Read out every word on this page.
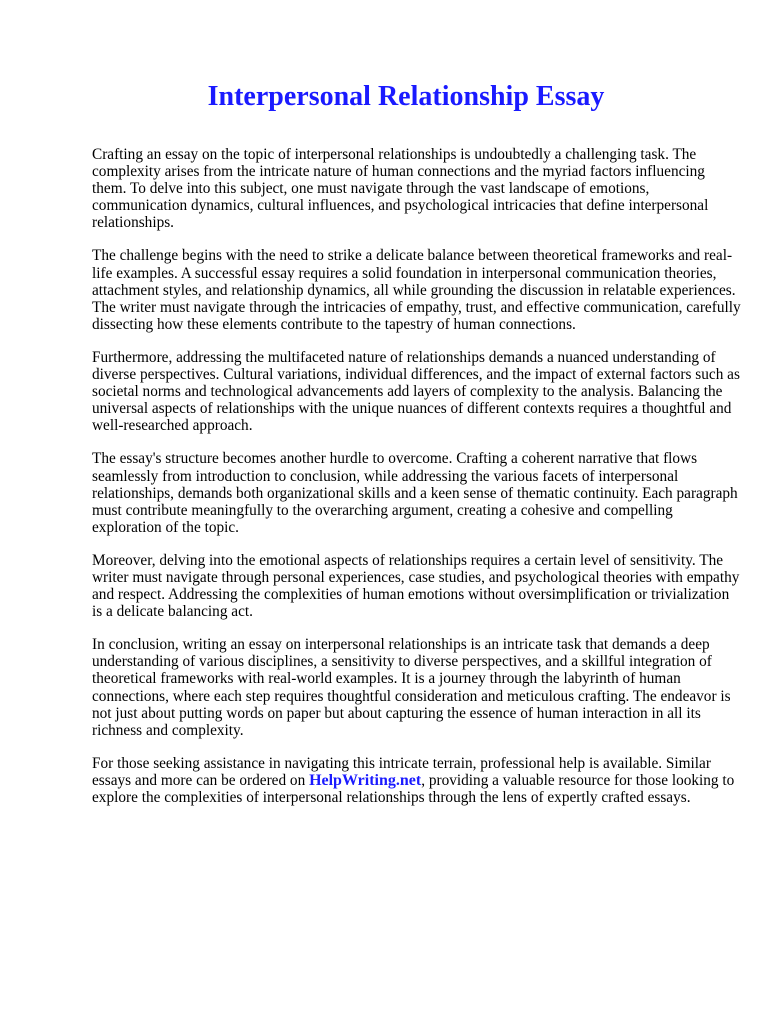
Interpersonal Relationship Essay

Crafting an essay on the topic of interpersonal relationships is undoubtedly a challenging task. The complexity arises from the intricate nature of human connections and the myriad factors influencing them. To delve into this subject, one must navigate through the vast landscape of emotions, communication dynamics, cultural influences, and psychological intricacies that define interpersonal relationships.

The challenge begins with the need to strike a delicate balance between theoretical frameworks and real-life examples. A successful essay requires a solid foundation in interpersonal communication theories, attachment styles, and relationship dynamics, all while grounding the discussion in relatable experiences. The writer must navigate through the intricacies of empathy, trust, and effective communication, carefully dissecting how these elements contribute to the tapestry of human connections.

Furthermore, addressing the multifaceted nature of relationships demands a nuanced understanding of diverse perspectives. Cultural variations, individual differences, and the impact of external factors such as societal norms and technological advancements add layers of complexity to the analysis. Balancing the universal aspects of relationships with the unique nuances of different contexts requires a thoughtful and well-researched approach.

The essay's structure becomes another hurdle to overcome. Crafting a coherent narrative that flows seamlessly from introduction to conclusion, while addressing the various facets of interpersonal relationships, demands both organizational skills and a keen sense of thematic continuity. Each paragraph must contribute meaningfully to the overarching argument, creating a cohesive and compelling exploration of the topic.

Moreover, delving into the emotional aspects of relationships requires a certain level of sensitivity. The writer must navigate through personal experiences, case studies, and psychological theories with empathy and respect. Addressing the complexities of human emotions without oversimplification or trivialization is a delicate balancing act.

In conclusion, writing an essay on interpersonal relationships is an intricate task that demands a deep understanding of various disciplines, a sensitivity to diverse perspectives, and a skillful integration of theoretical frameworks with real-world examples. It is a journey through the labyrinth of human connections, where each step requires thoughtful consideration and meticulous crafting. The endeavor is not just about putting words on paper but about capturing the essence of human interaction in all its richness and complexity.

For those seeking assistance in navigating this intricate terrain, professional help is available. Similar essays and more can be ordered on HelpWriting.net, providing a valuable resource for those looking to explore the complexities of interpersonal relationships through the lens of expertly crafted essays.
